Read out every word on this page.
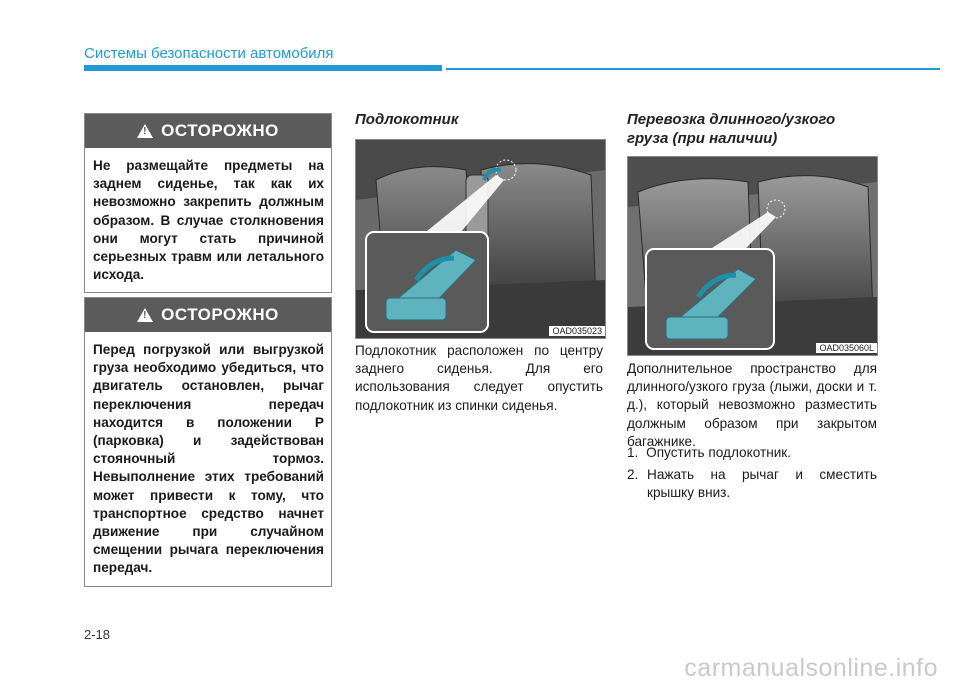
Системы безопасности автомобиля
!
ОСТОРОЖНО
Не размещайте предметы на заднем сиденье, так как их невозможно закрепить должным образом. В случае столкновения они могут стать причиной серьезных травм или летального исхода.
!
ОСТОРОЖНО
Перед погрузкой или выгрузкой груза необходимо убедиться, что двигатель остановлен, рычаг переключения передач находится в положении P (парковка) и задействован стояночный тормоз. Невыполнение этих требований может привести к тому, что транспортное средство начнет движение при случайном смещении рычага переключения передач.
Подлокотник
OAD035023
Подлокотник расположен по центру заднего сиденья. Для его использования следует опустить подлокотник из спинки сиденья.
Перевозка длинного/узкого
груза (при наличии)
OAD035060L
Дополнительное пространство для длинного/узкого груза (лыжи, доски и т. д.), который невозможно разместить должным образом при закрытом багажнике.
1. Опустить подлокотник.
2. Нажать на рычаг и сместить крышку вниз.
2-18
carmanualsonline.info
